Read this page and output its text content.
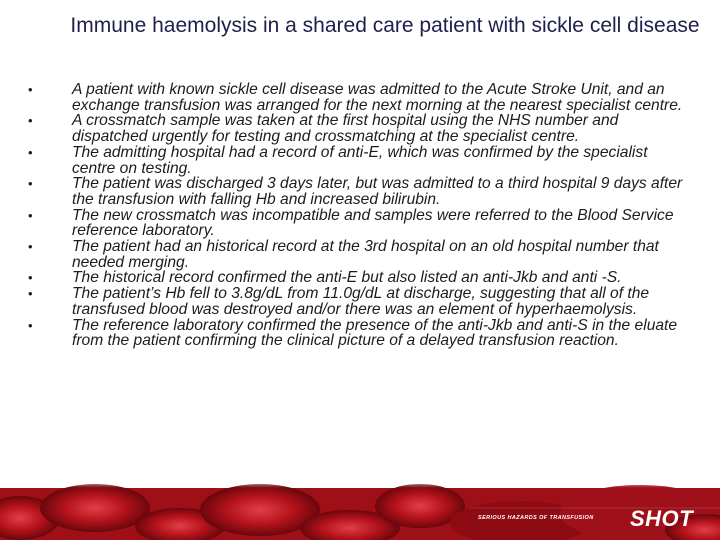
Immune haemolysis in a shared care patient with sickle cell disease
•	A patient with known sickle cell disease was admitted to the Acute Stroke Unit, and an exchange transfusion was arranged for the next morning at the nearest specialist centre.
•	A crossmatch sample was taken at the first hospital using the NHS number and dispatched urgently for testing and crossmatching at the specialist centre.
•	The admitting hospital had a record of anti-E, which was confirmed by the specialist centre on testing.
•	The patient was discharged 3 days later, but was admitted to a third hospital 9 days after the transfusion with falling Hb and increased bilirubin.
•	The new crossmatch was incompatible and samples were referred to the Blood Service reference laboratory.
•	The patient had an historical record at the 3rd hospital on an old hospital number that needed merging.
•	The historical record confirmed the anti-E but also listed an anti-Jkb and anti -S.
•	The patient’s Hb fell to 3.8g/dL from 11.0g/dL at discharge, suggesting that all of the transfused blood was destroyed and/or there was an element of hyperhaemolysis.
•	The reference laboratory confirmed the presence of the anti-Jkb and anti-S in the eluate from the patient confirming the clinical picture of a delayed transfusion reaction.
SERIOUS HAZARDS OF TRANSFUSION SHOT
